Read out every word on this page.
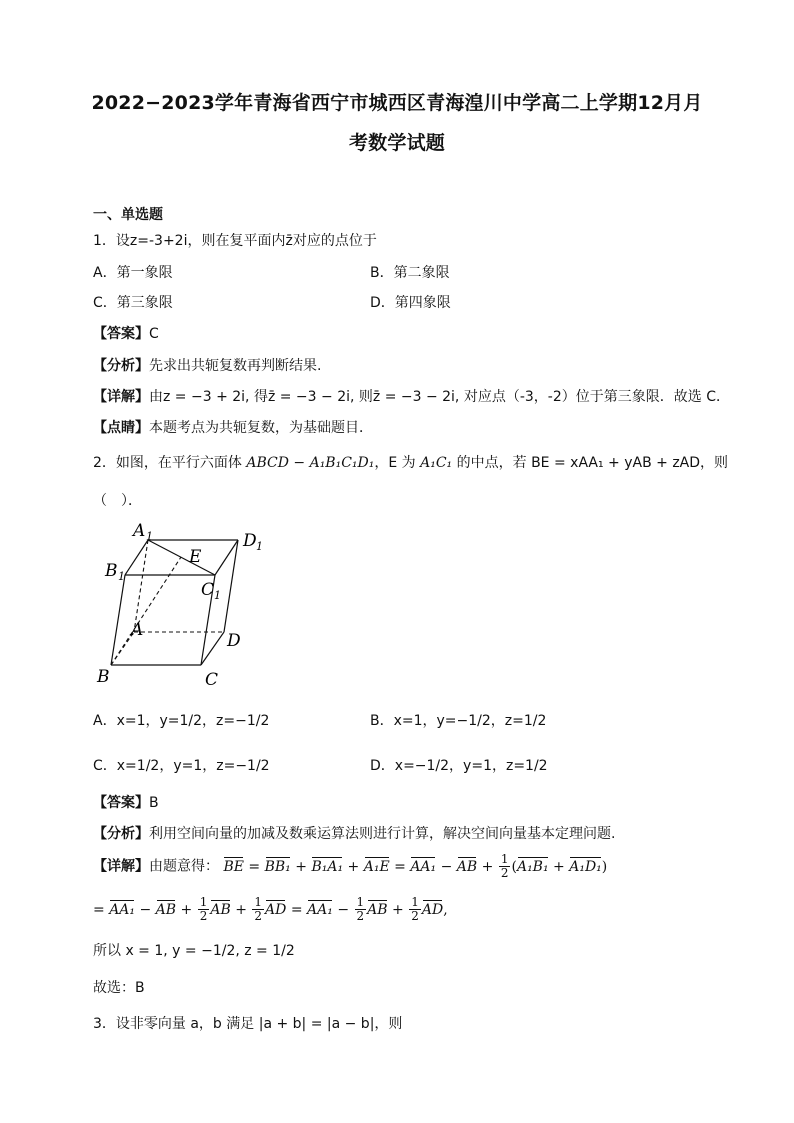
2022−2023学年青海省西宁市城西区青海湟川中学高二上学期12月月
考数学试题
一、单选题
1．设z=-3+2i，则在复平面内z̄对应的点位于
A．第一象限	B．第二象限
C．第三象限	D．第四象限
【答案】C
【分析】先求出共轭复数再判断结果.
【详解】由z = −3 + 2i, 得z̄ = −3 − 2i, 则z̄ = −3 − 2i, 对应点（-3，-2）位于第三象限．故选 C．
【点睛】本题考点为共轭复数，为基础题目．
2．如图，在平行六面体 ABCD − A₁B₁C₁D₁，E 为 A₁C₁ 的中点，若 BE = xAA₁ + yAB + zAD，则
（　）．
A 1	D 1
B 1
E
C 1
A
D
B	C
A．x=1，y=1/2，z=−1/2	B．x=1，y=−1/2，z=1/2
C．x=1/2，y=1，z=−1/2	D．x=−1/2，y=1，z=1/2
【答案】B
【分析】利用空间向量的加减及数乘运算法则进行计算，解决空间向量基本定理问题.
【详解】由题意得： BE = BB₁ + B₁A₁ + A₁E = AA₁ − AB + $\frac{1}{2} (A_1B_1 + A_1D_1)$
= AA₁ − AB + $\frac{1}{2}$ AB + $\frac{1}{2}$ AD = $AA_1 - \frac{1}{2}$ AB + $\frac{1}{2}$ AD,
所以 x = 1, y = −1/2, z = 1/2
故选：B
3．设非零向量 a，b 满足 |a + b| = |a − b|，则
